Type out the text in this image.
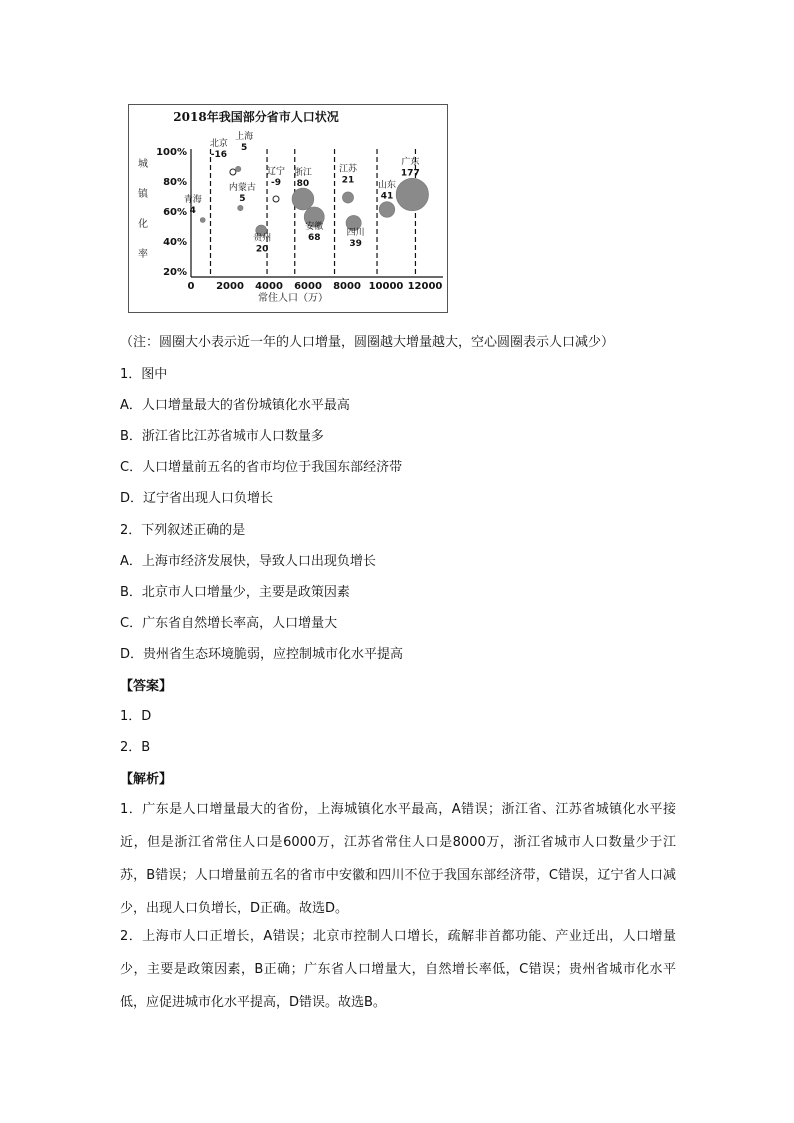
2018年我国部分省市人口状况
城
镇
化
率
20%
40%
60%
80%
100%
0 2000 4000 6000 8000 10000 12000
青海
4
北京
-16
上海
5
内蒙古
5
辽宁
-9
贵州
20
浙江
80
安徽
68
江苏
21
四川
39
山东
41
广东
177
常住人口（万）
（注：圆圈大小表示近一年的人口增量，圆圈越大增量越大，空心圆圈表示人口减少）
1．图中
A．人口增量最大的省份城镇化水平最高
B．浙江省比江苏省城市人口数量多
C．人口增量前五名的省市均位于我国东部经济带
D．辽宁省出现人口负增长
2．下列叙述正确的是
A．上海市经济发展快，导致人口出现负增长
B．北京市人口增量少，主要是政策因素
C．广东省自然增长率高，人口增量大
D．贵州省生态环境脆弱，应控制城市化水平提高
【答案】
1．D
2．B
【解析】
1．广东是人口增量最大的省份，上海城镇化水平最高，A错误；浙江省、江苏省城镇化水平接近，但是浙江省常住人口是6000万，江苏省常住人口是8000万，浙江省城市人口数量少于江苏，B错误；人口增量前五名的省市中安徽和四川不位于我国东部经济带，C错误，辽宁省人口减少，出现人口负增长，D正确。故选D。
2．上海市人口正增长，A错误；北京市控制人口增长，疏解非首都功能、产业迁出，人口增量少，主要是政策因素，B正确；广东省人口增量大，自然增长率低，C错误；贵州省城市化水平低，应促进城市化水平提高，D错误。故选B。
